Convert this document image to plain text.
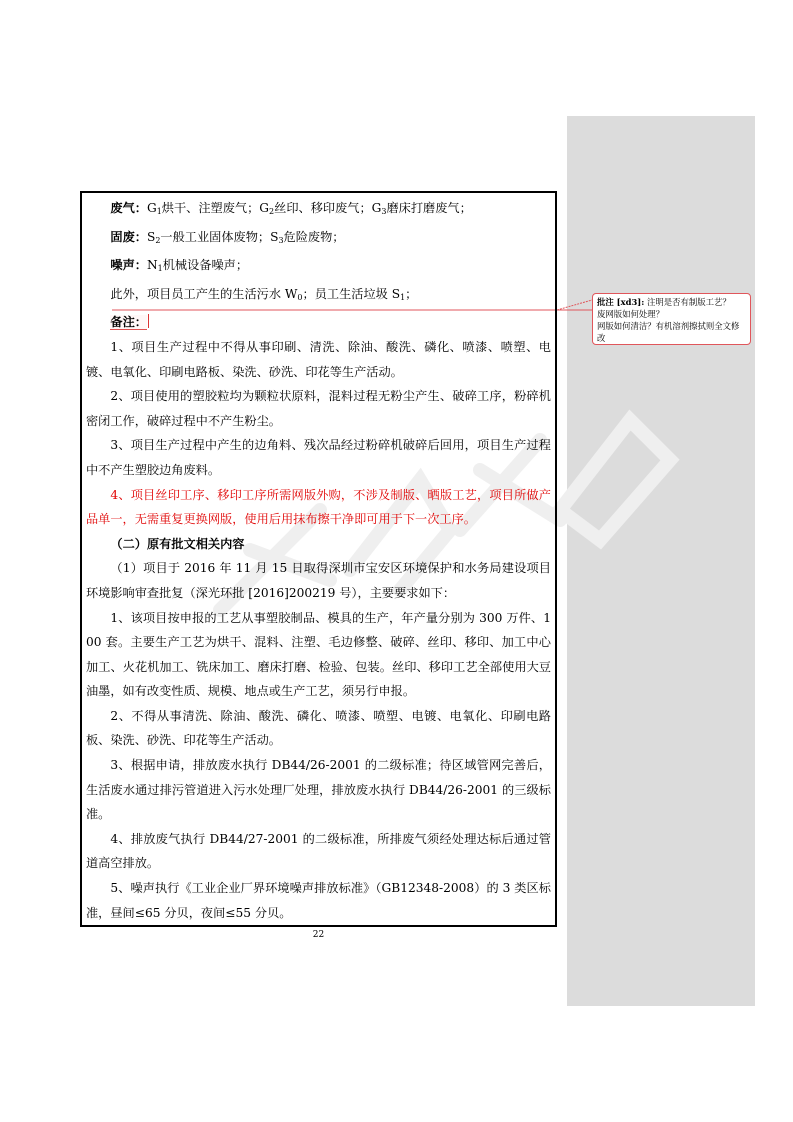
废气：$G_1$烘干、注塑废气；$G_2$丝印、移印废气；$G_3$磨床打磨废气；

固废：$S_2$一般工业固体废物；$S_3$危险废物；

噪声：$N_1$机械设备噪声；

此外，项目员工产生的生活污水 $W_0$；员工生活垃圾 $S_1$；

备注：

1、项目生产过程中不得从事印刷、清洗、除油、酸洗、磷化、喷漆、喷塑、电镀、电氧化、印刷电路板、染洗、砂洗、印花等生产活动。

2、项目使用的塑胶粒均为颗粒状原料，混料过程无粉尘产生、破碎工序，粉碎机密闭工作，破碎过程中不产生粉尘。

3、项目生产过程中产生的边角料、残次品经过粉碎机破碎后回用，项目生产过程中不产生塑胶边角废料。

4、项目丝印工序、移印工序所需网版外购，不涉及制版、晒版工艺，项目所做产品单一，无需重复更换网版，使用后用抹布擦干净即可用于下一次工序。

（二）原有批文相关内容

（1）项目于 2016 年 11 月 15 日取得深圳市宝安区环境保护和水务局建设项目环境影响审查批复（深光环批 [2016]200219 号），主要要求如下：

1、该项目按申报的工艺从事塑胶制品、模具的生产，年产量分别为 300 万件、100 套。主要生产工艺为烘干、混料、注塑、毛边修整、破碎、丝印、移印、加工中心加工、火花机加工、铣床加工、磨床打磨、检验、包装。丝印、移印工艺全部使用大豆油墨，如有改变性质、规模、地点或生产工艺，须另行申报。

2、不得从事清洗、除油、酸洗、磷化、喷漆、喷塑、电镀、电氧化、印刷电路板、染洗、砂洗、印花等生产活动。

3、根据申请，排放废水执行 DB44/26-2001 的二级标准；待区域管网完善后，生活废水通过排污管道进入污水处理厂处理，排放废水执行 DB44/26-2001 的三级标准。

4、排放废气执行 DB44/27-2001 的二级标准，所排废气须经处理达标后通过管道高空排放。

5、噪声执行《工业企业厂界环境噪声排放标准》（GB12348-2008）的 3 类区标准，昼间≤65 分贝，夜间≤55 分贝。

22
批注 [xd3]: 注明是否有制版工艺？
废网版如何处理？
网版如何清洁？有机溶剂擦拭则全文修改
